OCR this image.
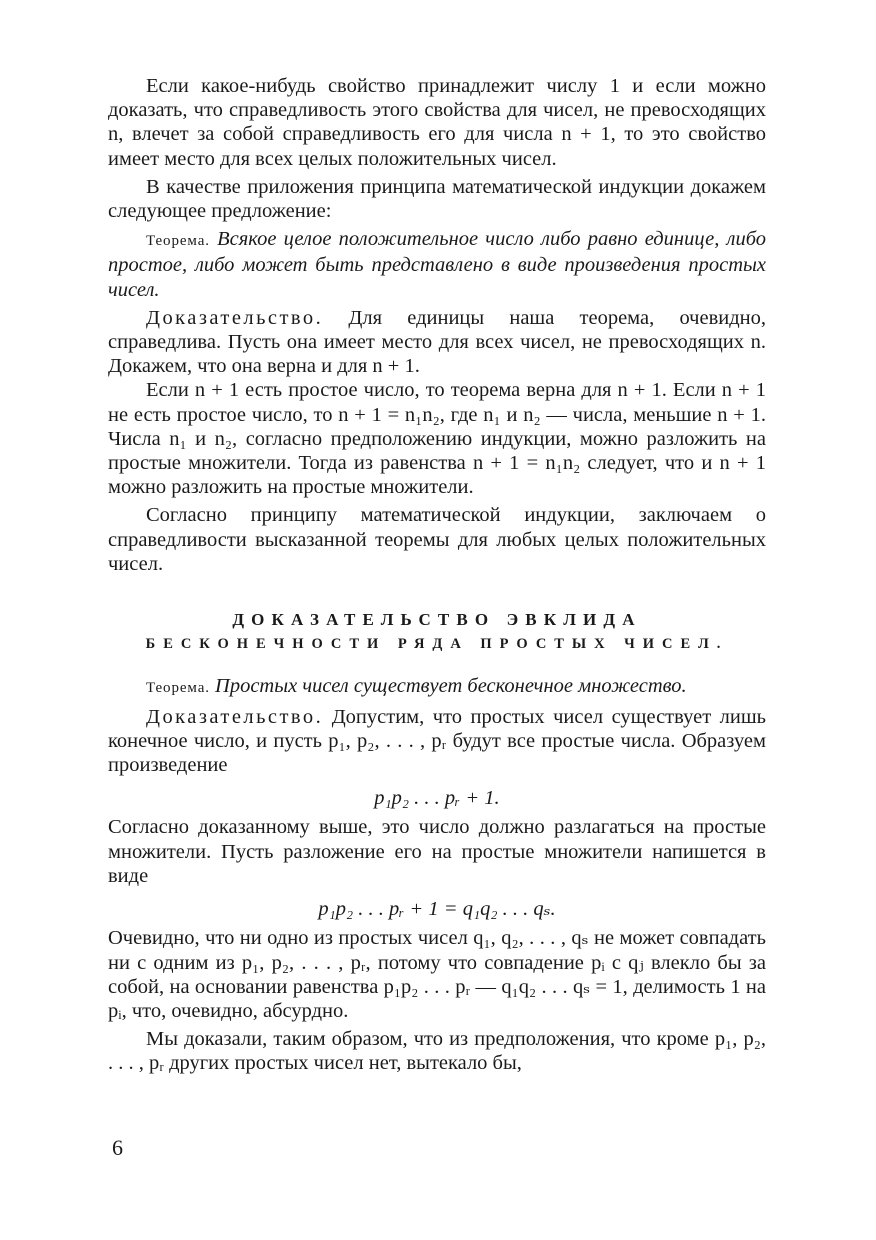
Если какое-нибудь свойство принадлежит числу 1 и если можно доказать, что справедливость этого свойства для чисел, не превосходящих n, влечет за собой справедливость его для числа n + 1, то это свойство имеет место для всех целых положительных чисел.

В качестве приложения принципа математической индукции докажем следующее предложение:

Теорема. Всякое целое положительное число либо равно единице, либо простое, либо может быть представлено в виде произведения простых чисел.

Доказательство. Для единицы наша теорема, очевидно, справедлива. Пусть она имеет место для всех чисел, не превосходящих n. Докажем, что она верна и для n + 1.

Если n + 1 есть простое число, то теорема верна для n + 1. Если n + 1 не есть простое число, то n + 1 = n₁n₂, где n₁ и n₂ — числа, меньшие n + 1. Числа n₁ и n₂, согласно предположению индукции, можно разложить на простые множители. Тогда из равенства n + 1 = n₁n₂ следует, что и n + 1 можно разложить на простые множители.

Согласно принципу математической индукции, заключаем о справедливости высказанной теоремы для любых целых положительных чисел.

ДОКАЗАТЕЛЬСТВО ЭВКЛИДА

БЕСКОНЕЧНОСТИ РЯДА ПРОСТЫХ ЧИСЕЛ.

Теорема. Простых чисел существует бесконечное множество.

Доказательство. Допустим, что простых чисел существует лишь конечное число, и пусть p₁, p₂, . . . , pᵣ будут все простые числа. Образуем произведение

p₁p₂ . . . pᵣ + 1.

Согласно доказанному выше, это число должно разлагаться на простые множители. Пусть разложение его на простые множители напишется в виде

p₁p₂ . . . pᵣ + 1 = q₁q₂ . . . qₛ.

Очевидно, что ни одно из простых чисел q₁, q₂, . . . , qₛ не может совпадать ни с одним из p₁, p₂, . . . , pᵣ, потому что совпадение pᵢ с qⱼ влекло бы за собой, на основании равенства p₁p₂ . . . pᵣ — q₁q₂ . . . qₛ = 1, делимость 1 на pᵢ, что, очевидно, абсурдно.

Мы доказали, таким образом, что из предположения, что кроме p₁, p₂, . . . , pᵣ других простых чисел нет, вытекало бы,

6
